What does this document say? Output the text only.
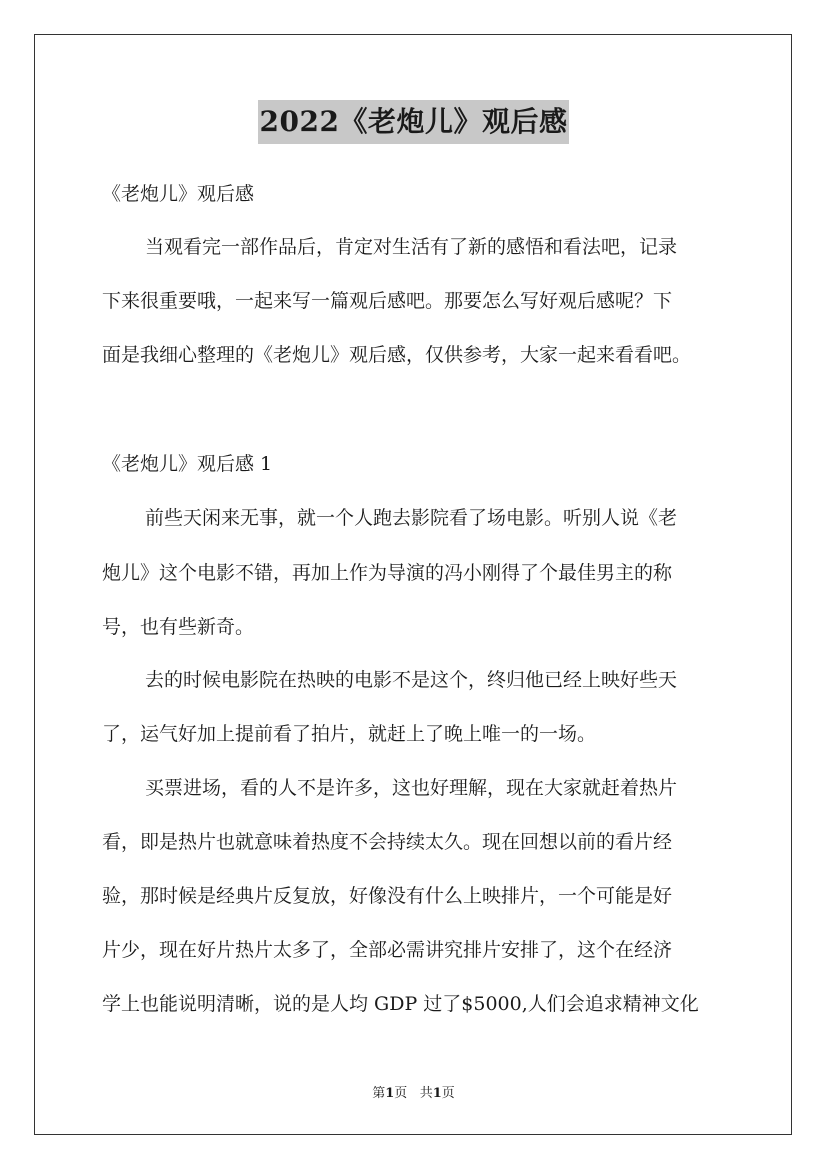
2022《老炮儿》观后感
《老炮儿》观后感
当观看完一部作品后，肯定对生活有了新的感悟和看法吧，记录
下来很重要哦，一起来写一篇观后感吧。那要怎么写好观后感呢？下
面是我细心整理的《老炮儿》观后感，仅供参考，大家一起来看看吧。
《老炮儿》观后感 1
前些天闲来无事，就一个人跑去影院看了场电影。听别人说《老
炮儿》这个电影不错，再加上作为导演的冯小刚得了个最佳男主的称
号，也有些新奇。
去的时候电影院在热映的电影不是这个，终归他已经上映好些天
了，运气好加上提前看了拍片，就赶上了晚上唯一的一场。
买票进场，看的人不是许多，这也好理解，现在大家就赶着热片
看，即是热片也就意味着热度不会持续太久。现在回想以前的看片经
验，那时候是经典片反复放，好像没有什么上映排片，一个可能是好
片少，现在好片热片太多了，全部必需讲究排片安排了，这个在经济
学上也能说明清晰，说的是人均 GDP 过了$5000,人们会追求精神文化
第1页 共1页
